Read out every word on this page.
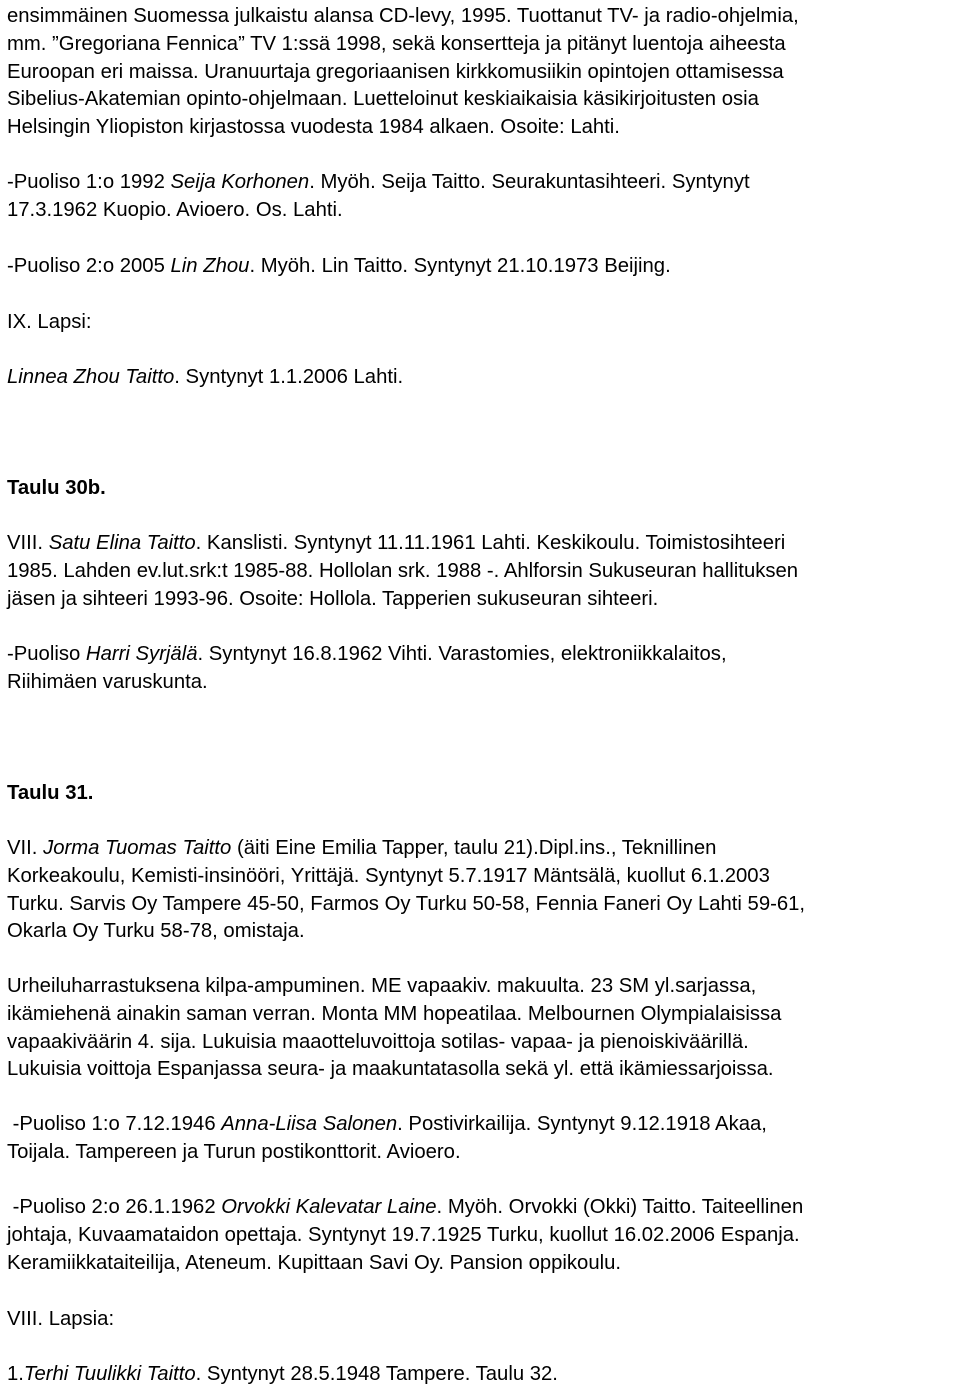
ensimmäinen Suomessa julkaistu alansa CD-levy, 1995. Tuottanut TV- ja radio-ohjelmia,
mm. ”Gregoriana Fennica” TV 1:ssä 1998, sekä konsertteja ja pitänyt luentoja aiheesta
Euroopan eri maissa. Uranuurtaja gregoriaanisen kirkkomusiikin opintojen ottamisessa
Sibelius-Akatemian opinto-ohjelmaan. Luetteloinut keskiaikaisia käsikirjoitusten osia
Helsingin Yliopiston kirjastossa vuodesta 1984 alkaen. Osoite: Lahti.

-Puoliso 1:o 1992 Seija Korhonen. Myöh. Seija Taitto. Seurakuntasihteeri. Syntynyt
17.3.1962 Kuopio. Avioero. Os. Lahti.

-Puoliso 2:o 2005 Lin Zhou. Myöh. Lin Taitto. Syntynyt 21.10.1973 Beijing.

IX. Lapsi:

Linnea Zhou Taitto. Syntynyt 1.1.2006 Lahti.

Taulu 30b.

VIII. Satu Elina Taitto. Kanslisti. Syntynyt 11.11.1961 Lahti. Keskikoulu. Toimistosihteeri
1985. Lahden ev.lut.srk:t 1985-88. Hollolan srk. 1988 -. Ahlforsin Sukuseuran hallituksen
jäsen ja sihteeri 1993-96. Osoite: Hollola. Tapperien sukuseuran sihteeri.

-Puoliso Harri Syrjälä. Syntynyt 16.8.1962 Vihti. Varastomies, elektroniikkalaitos,
Riihimäen varuskunta.

Taulu 31.

VII. Jorma Tuomas Taitto (äiti Eine Emilia Tapper, taulu 21).Dipl.ins., Teknillinen
Korkeakoulu, Kemisti-insinööri, Yrittäjä. Syntynyt 5.7.1917 Mäntsälä, kuollut 6.1.2003
Turku. Sarvis Oy Tampere 45-50, Farmos Oy Turku 50-58, Fennia Faneri Oy Lahti 59-61,
Okarla Oy Turku 58-78, omistaja.

Urheiluharrastuksena kilpa-ampuminen. ME vapaakiv. makuulta. 23 SM yl.sarjassa,
ikämiehenä ainakin saman verran. Monta MM hopeatilaa. Melbournen Olympialaisissa
vapaakiväärin 4. sija. Lukuisia maaotteluvoittoja sotilas- vapaa- ja pienoiskiväärillä.
Lukuisia voittoja Espanjassa seura- ja maakuntatasolla sekä yl. että ikämiessarjoissa.

-Puoliso 1:o 7.12.1946 Anna-Liisa Salonen. Postivirkailija. Syntynyt 9.12.1918 Akaa,
Toijala. Tampereen ja Turun postikonttorit. Avioero.

-Puoliso 2:o 26.1.1962 Orvokki Kalevatar Laine. Myöh. Orvokki (Okki) Taitto. Taiteellinen
johtaja, Kuvaamataidon opettaja. Syntynyt 19.7.1925 Turku, kuollut 16.02.2006 Espanja.
Keramiikkataiteilija, Ateneum. Kupittaan Savi Oy. Pansion oppikoulu.

VIII. Lapsia:

1.Terhi Tuulikki Taitto. Syntynyt 28.5.1948 Tampere. Taulu 32.
